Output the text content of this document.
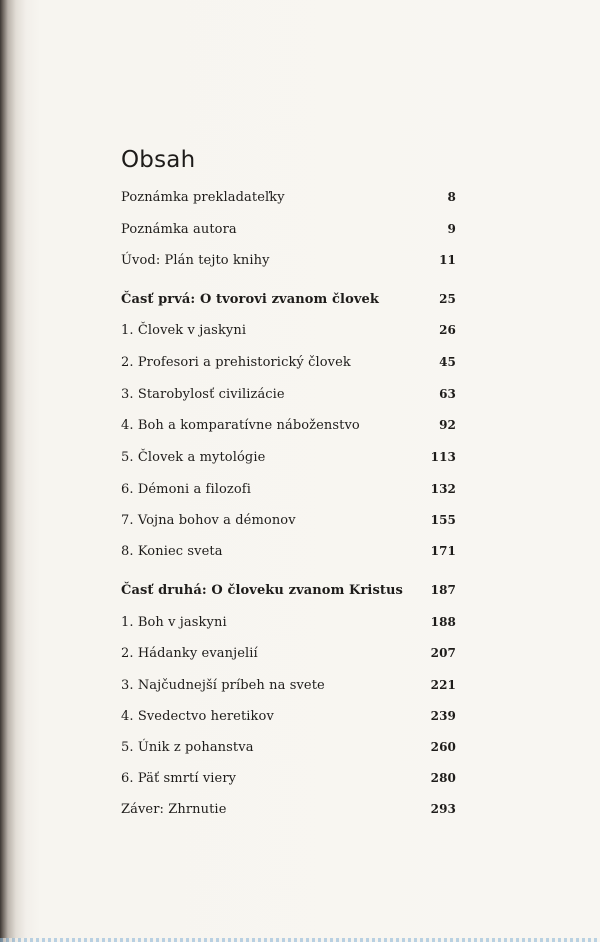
Obsah
Poznámka prekladateľky	8
Poznámka autora	9
Úvod: Plán tejto knihy	11
Časť prvá: O tvorovi zvanom človek	25
1. Človek v jaskyni	26
2. Profesori a prehistorický človek	45
3. Starobylosť civilizácie	63
4. Boh a komparatívne náboženstvo	92
5. Človek a mytológie	113
6. Démoni a filozofi	132
7. Vojna bohov a démonov	155
8. Koniec sveta	171
Časť druhá: O človeku zvanom Kristus 187
1. Boh v jaskyni	188
2. Hádanky evanjelií	207
3. Najčudnejší príbeh na svete	221
4. Svedectvo heretikov	239
5. Únik z pohanstva	260
6. Päť smrtí viery	280
Záver: Zhrnutie	293
